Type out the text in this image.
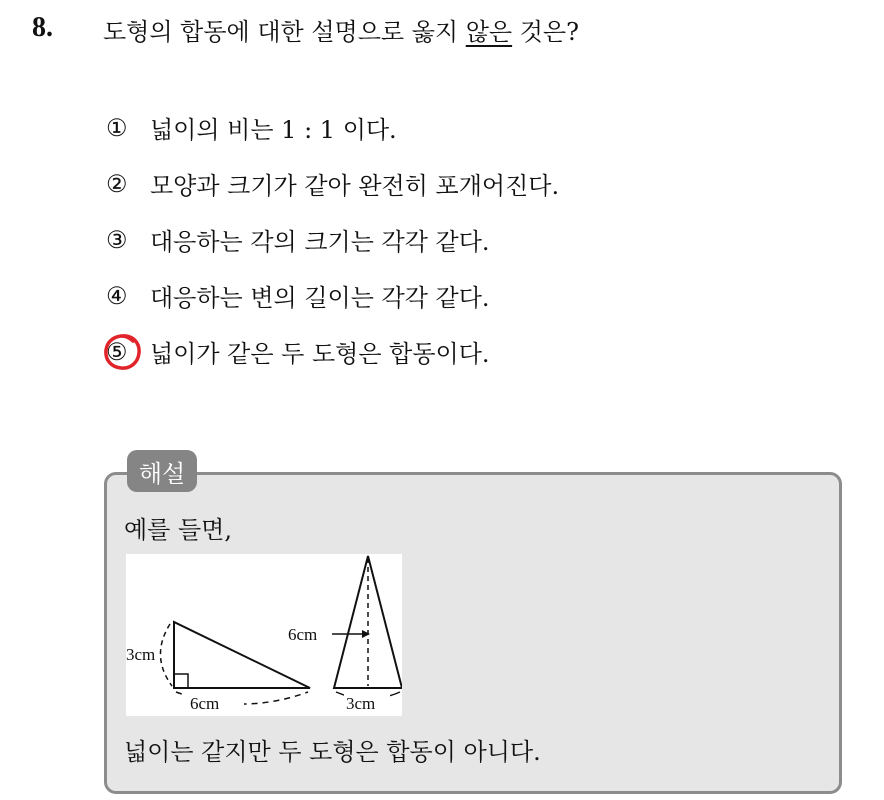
8. 도형의 합동에 대한 설명으로 옳지 않은 것은?
① 넓이의 비는 1 : 1 이다.
② 모양과 크기가 같아 완전히 포개어진다.
③ 대응하는 각의 크기는 각각 같다.
④ 대응하는 변의 길이는 각각 같다.
⑤ 넓이가 같은 두 도형은 합동이다.
해설
예를 들면,
3cm
6cm
6cm
3cm
넓이는 같지만 두 도형은 합동이 아니다.
